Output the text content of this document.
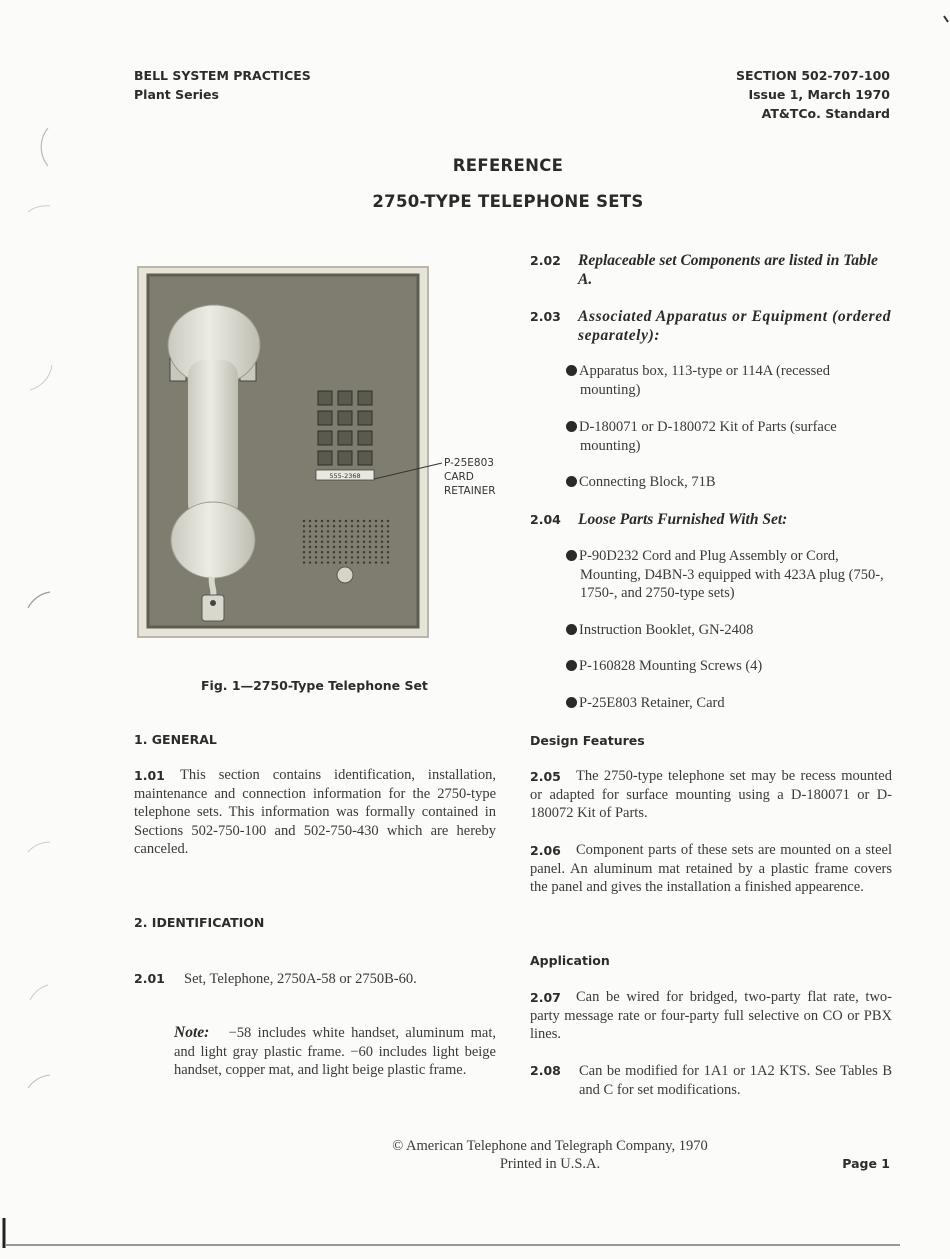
BELL SYSTEM PRACTICES
Plant Series
SECTION 502-707-100
Issue 1, March 1970
AT&TCo. Standard
REFERENCE
2750-TYPE TELEPHONE SETS
555-2368
P-25E803
CARD
RETAINER
Fig. 1—2750-Type Telephone Set
1. GENERAL
1.01 This section contains identification, installation, maintenance and connection information for the 2750-type telephone sets. This information was formally contained in Sections 502-750-100 and 502-750-430 which are hereby canceled.
2. IDENTIFICATION
2.01 Set, Telephone, 2750A-58 or 2750B-60.
Note: −58 includes white handset, aluminum mat, and light gray plastic frame. −60 includes light beige handset, copper mat, and light beige plastic frame.
2.02 Replaceable set Components are listed in Table A.
2.03 Associated Apparatus or Equipment (ordered separately):
Apparatus box, 113-type or 114A (recessed mounting)
D-180071 or D-180072 Kit of Parts (surface mounting)
Connecting Block, 71B
2.04 Loose Parts Furnished With Set:
P-90D232 Cord and Plug Assembly or Cord, Mounting, D4BN-3 equipped with 423A plug (750-, 1750-, and 2750-type sets)
Instruction Booklet, GN-2408
P-160828 Mounting Screws (4)
P-25E803 Retainer, Card
Design Features
2.05 The 2750-type telephone set may be recess mounted or adapted for surface mounting using a D-180071 or D-180072 Kit of Parts.
2.06 Component parts of these sets are mounted on a steel panel. An aluminum mat retained by a plastic frame covers the panel and gives the installation a finished appearence.
Application
2.07 Can be wired for bridged, two-party flat rate, two-party message rate or four-party full selective on CO or PBX lines.
2.08 Can be modified for 1A1 or 1A2 KTS. See Tables B and C for set modifications.
© American Telephone and Telegraph Company, 1970
Printed in U.S.A.	Page 1
